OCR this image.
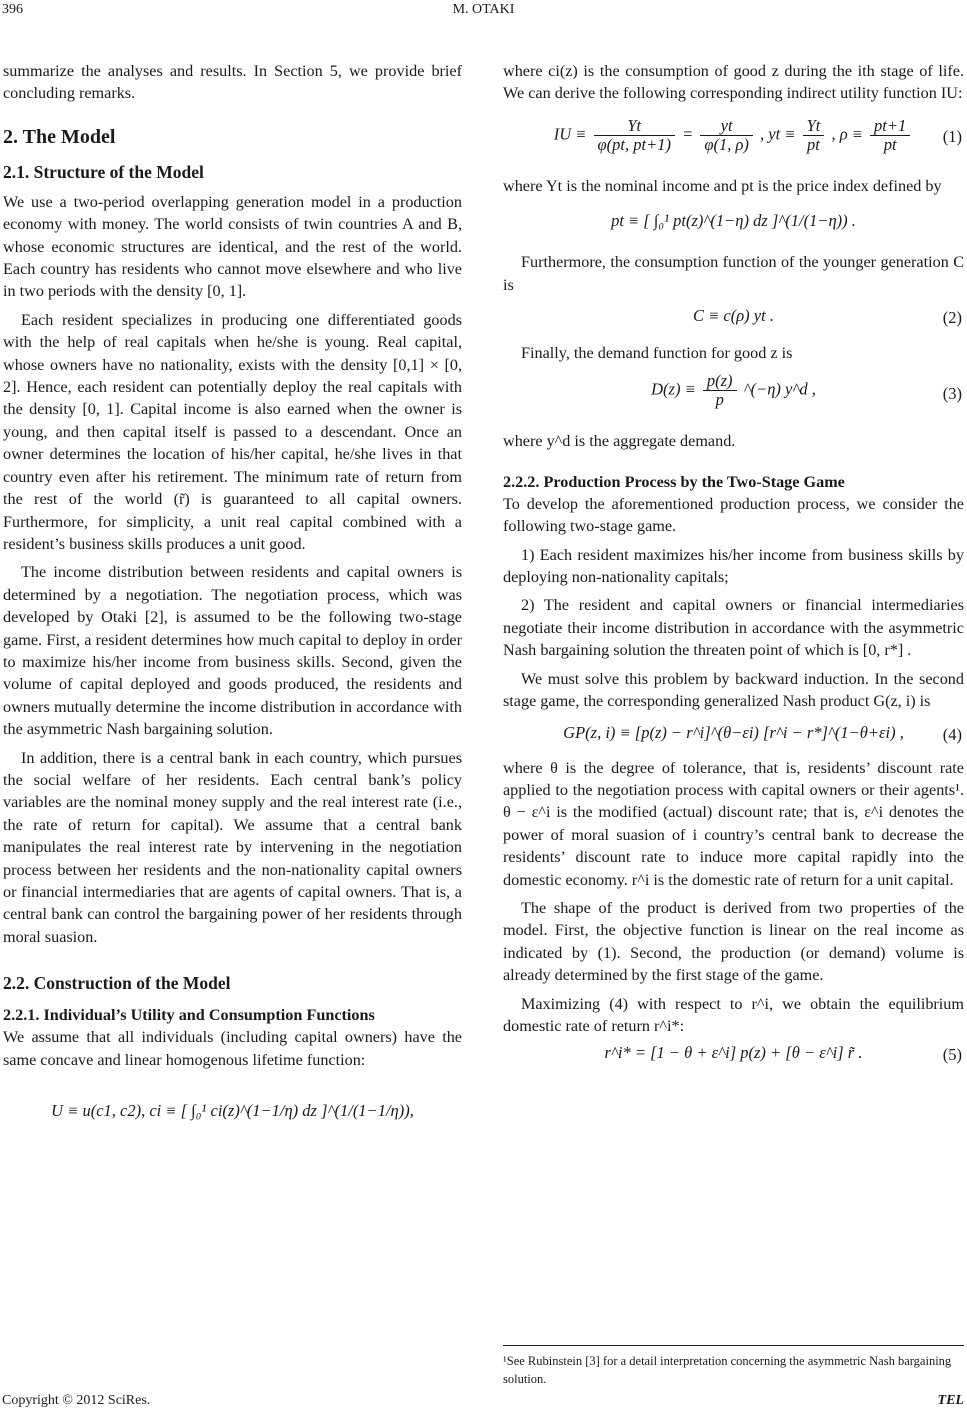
396	M. OTAKI

summarize the analyses and results. In Section 5, we provide brief concluding remarks.

2. The Model
2.1. Structure of the Model

We use a two-period overlapping generation model in a production economy with money. The world consists of twin countries A and B, whose economic structures are identical, and the rest of the world. Each country has residents who cannot move elsewhere and who live in two periods with the density [0, 1].

Each resident specializes in producing one differentiated goods with the help of real capitals when he/she is young. Real capital, whose owners have no nationality, exists with the density [0,1] × [0, 2]. Hence, each resident can potentially deploy the real capitals with the density [0, 1]. Capital income is also earned when the owner is young, and then capital itself is passed to a descendant. Once an owner determines the location of his/her capital, he/she lives in that country even after his retirement. The minimum rate of return from the rest of the world (r̃) is guaranteed to all capital owners. Furthermore, for simplicity, a unit real capital combined with a resident’s business skills produces a unit good.

The income distribution between residents and capital owners is determined by a negotiation. The negotiation process, which was developed by Otaki [2], is assumed to be the following two-stage game. First, a resident determines how much capital to deploy in order to maximize his/her income from business skills. Second, given the volume of capital deployed and goods produced, the residents and owners mutually determine the income distribution in accordance with the asymmetric Nash bargaining solution.

In addition, there is a central bank in each country, which pursues the social welfare of her residents. Each central bank’s policy variables are the nominal money supply and the real interest rate (i.e., the rate of return for capital). We assume that a central bank manipulates the real interest rate by intervening in the negotiation process between her residents and the non-nationality capital owners or financial intermediaries that are agents of capital owners. That is, a central bank can control the bargaining power of her residents through moral suasion.

2.2. Construction of the Model
2.2.1. Individual’s Utility and Consumption Functions

We assume that all individuals (including capital owners) have the same concave and linear homogenous lifetime function:

U ≡ u(c1, c2), ci ≡ [ ∫₀¹ ci(z)^(1−1/η) dz ]^(1/(1−1/η)),

where ci(z) is the consumption of good z during the ith stage of life. We can derive the following corresponding indirect utility function IU:

IU ≡ $\frac{Yt}{\varphi(pt, pt+1)} = \frac{yt}{\varphi(1, \rho)}$ , yt ≡ $\frac{Yt}{pt}$ , $\rho \equiv \frac{pt+1}{pt} (1)$

where Yt is the nominal income and pt is the price index defined by

pt ≡ [ ∫₀¹ pt(z)^(1−η) dz ]^(1/(1−η)) .

Furthermore, the consumption function of the younger generation C is

C ≡ c(ρ) yt .	(2)

Finally, the demand function for good z is

$D(z) \equiv \frac{p(z)}{p}$ ^(−η) y^d ,	(3)

where y^d is the aggregate demand.

2.2.2. Production Process by the Two-Stage Game

To develop the aforementioned production process, we consider the following two-stage game.

1) Each resident maximizes his/her income from business skills by deploying non-nationality capitals;

2) The resident and capital owners or financial intermediaries negotiate their income distribution in accordance with the asymmetric Nash bargaining solution the threaten point of which is [0, r*] .

We must solve this problem by backward induction. In the second stage game, the corresponding generalized Nash product G(z, i) is

GP(z, i) ≡ [p(z) − r^i]^(θ−εi) [r^i − r*]^(1−θ+εi) ,	(4)

where θ is the degree of tolerance, that is, residents’ discount rate applied to the negotiation process with capital owners or their agents¹. θ − ε^i is the modified (actual) discount rate; that is, ε^i denotes the power of moral suasion of i country’s central bank to decrease the residents’ discount rate to induce more capital rapidly into the domestic economy. r^i is the domestic rate of return for a unit capital.

The shape of the product is derived from two properties of the model. First, the objective function is linear on the real income as indicated by (1). Second, the production (or demand) volume is already determined by the first stage of the game.

Maximizing (4) with respect to r^i, we obtain the equilibrium domestic rate of return r^i*:

r^i* = [1 − θ + ε^i] p(z) + [θ − ε^i] r̃ .	(5)
¹See Rubinstein [3] for a detail interpretation concerning the asymmetric Nash bargaining solution.
Copyright © 2012 SciRes.	TEL
